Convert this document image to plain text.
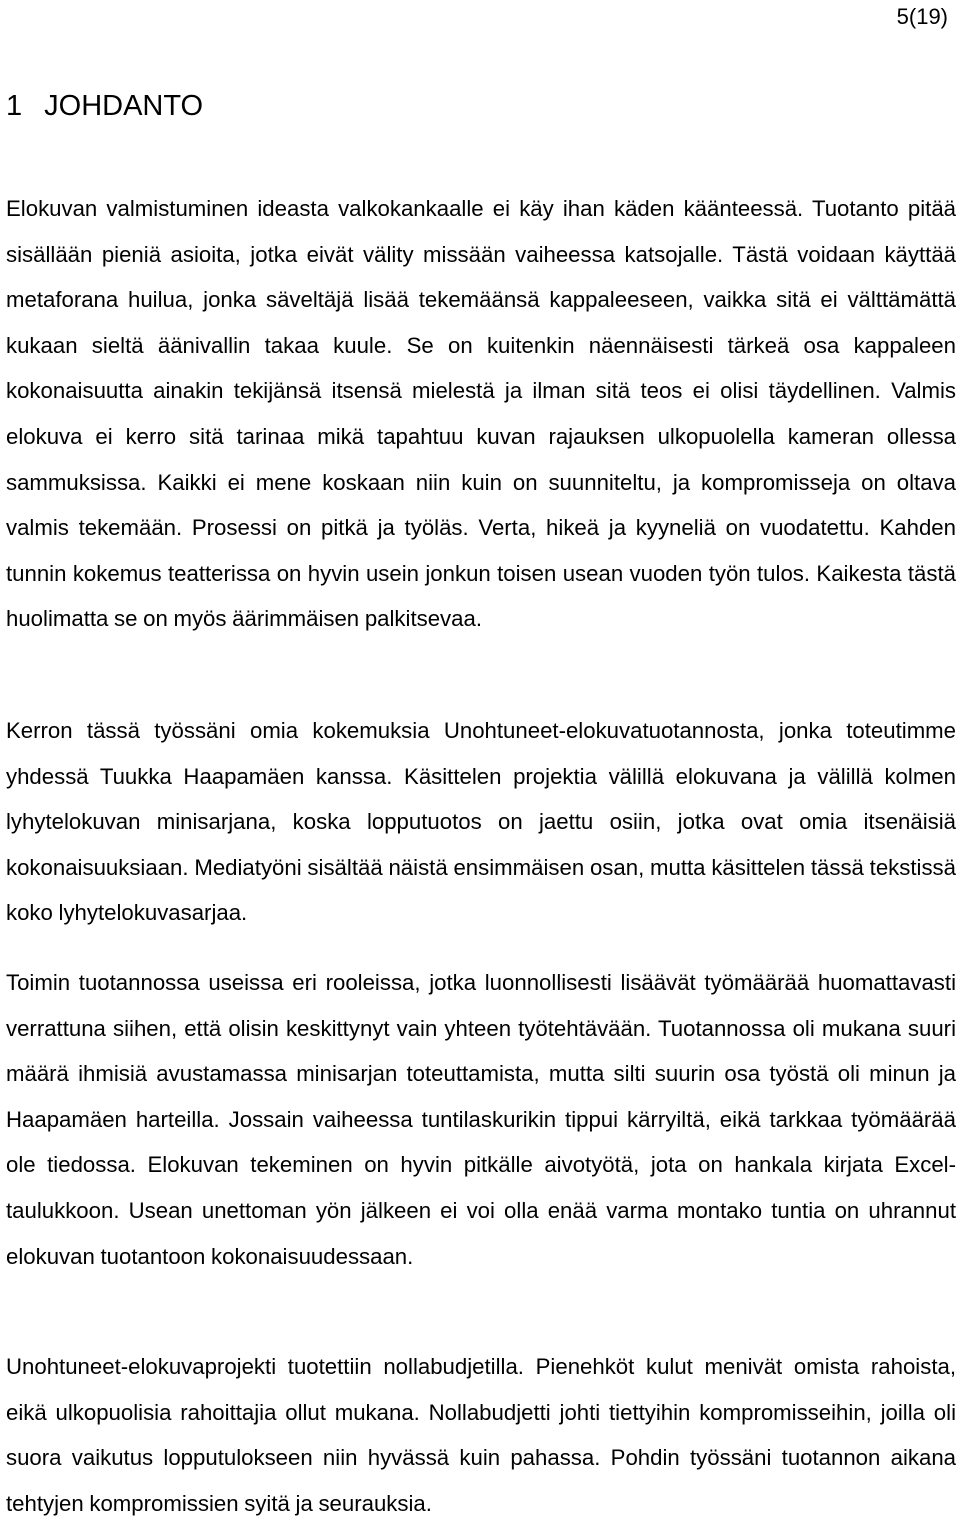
5(19)
1 JOHDANTO

Elokuvan valmistuminen ideasta valkokankaalle ei käy ihan käden käänteessä. Tuotanto pitää sisällään pieniä asioita, jotka eivät välity missään vaiheessa katsojalle. Tästä voidaan käyttää metaforana huilua, jonka säveltäjä lisää tekemäänsä kappaleeseen, vaikka sitä ei välttämättä kukaan sieltä äänivallin takaa kuule. Se on kuitenkin näennäisesti tärkeä osa kappaleen kokonaisuutta ainakin tekijänsä itsensä mielestä ja ilman sitä teos ei olisi täydellinen. Valmis elokuva ei kerro sitä tarinaa mikä tapahtuu kuvan rajauksen ulkopuolella kameran ollessa sammuksissa. Kaikki ei mene koskaan niin kuin on suunniteltu, ja kompromisseja on oltava valmis tekemään. Prosessi on pitkä ja työläs. Verta, hikeä ja kyyneliä on vuodatettu. Kahden tunnin kokemus teatterissa on hyvin usein jonkun toisen usean vuoden työn tulos. Kaikesta tästä huolimatta se on myös äärimmäisen palkitsevaa.

Kerron tässä työssäni omia kokemuksia Unohtuneet-elokuvatuotannosta, jonka toteutimme yhdessä Tuukka Haapamäen kanssa. Käsittelen projektia välillä elokuvana ja välillä kolmen lyhytelokuvan minisarjana, koska lopputuotos on jaettu osiin, jotka ovat omia itsenäisiä kokonaisuuksiaan. Mediatyöni sisältää näistä ensimmäisen osan, mutta käsittelen tässä tekstissä koko lyhytelokuvasarjaa.

Toimin tuotannossa useissa eri rooleissa, jotka luonnollisesti lisäävät työmäärää huomattavasti verrattuna siihen, että olisin keskittynyt vain yhteen työtehtävään. Tuotannossa oli mukana suuri määrä ihmisiä avustamassa minisarjan toteuttamista, mutta silti suurin osa työstä oli minun ja Haapamäen harteilla. Jossain vaiheessa tuntilaskurikin tippui kärryiltä, eikä tarkkaa työmäärää ole tiedossa. Elokuvan tekeminen on hyvin pitkälle aivotyötä, jota on hankala kirjata Excel-taulukkoon. Usean unettoman yön jälkeen ei voi olla enää varma montako tuntia on uhrannut elokuvan tuotantoon kokonaisuudessaan.

Unohtuneet-elokuvaprojekti tuotettiin nollabudjetilla. Pienehköt kulut menivät omista rahoista, eikä ulkopuolisia rahoittajia ollut mukana. Nollabudjetti johti tiettyihin kompromisseihin, joilla oli suora vaikutus lopputulokseen niin hyvässä kuin pahassa. Pohdin työssäni tuotannon aikana tehtyjen kompromissien syitä ja seurauksia.
